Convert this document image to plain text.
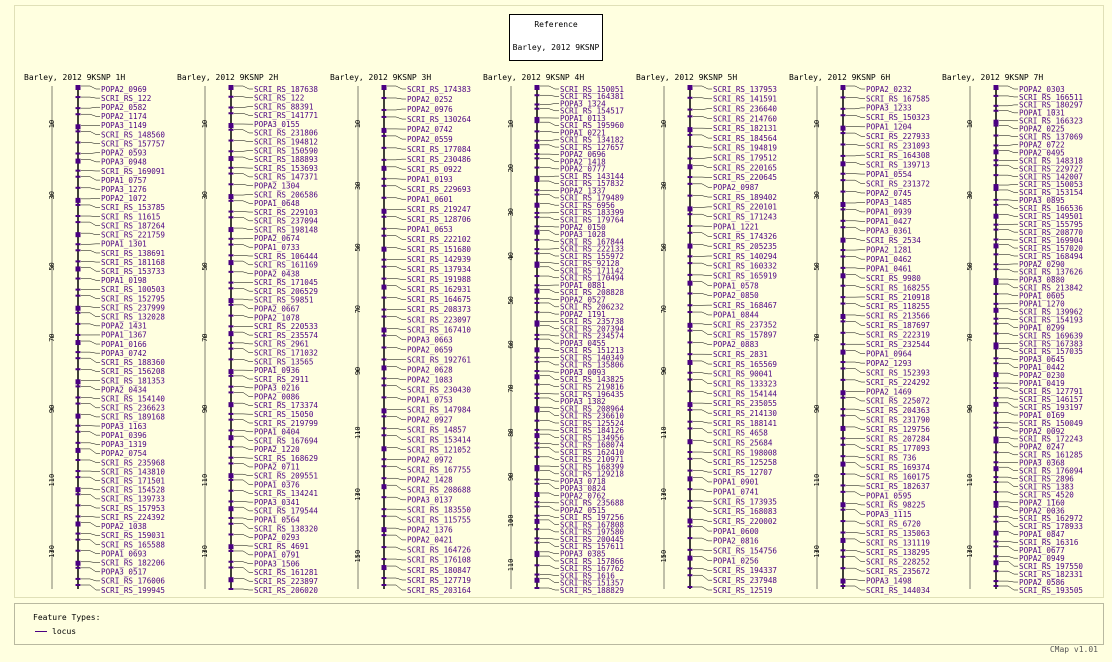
Reference
Barley, 2012 9KSNP
Barley, 2012 9KSNP 1H	Barley, 2012 9KSNP 2H	Barley, 2012 9KSNP 3H	Barley, 2012 9KSNP 4H	Barley, 2012 9KSNP 5H	Barley, 2012 9KSNP 6H	Barley, 2012 9KSNP 7H
10
30
50
70
90
110
130
POPA2_0969
SCRI_RS_122
POPA2_0582
POPA2_1174
POPA3_1149
SCRI_RS_148560
SCRI_RS_157757
POPA2_0593
POPA3_0948
SCRI_RS_169091
POPA1_0757
POPA3_1276
POPA2_1072
SCRI_RS_153785
SCRI_RS_11615
SCRI_RS_187264
SCRI_RS_221759
POPA1_1301
SCRI_RS_138691
SCRI_RS_181168
SCRI_RS_153733
POPA1_0198
SCRI_RS_100503
SCRI_RS_152795
SCRI_RS_237999
SCRI_RS_132028
POPA2_1431
POPA1_1367
POPA1_0166
POPA3_0742
SCRI_RS_188360
SCRI_RS_156208
SCRI_RS_181353
POPA2_0434
SCRI_RS_154140
SCRI_RS_236623
SCRI_RS_189168
POPA3_1163
POPA1_0396
POPA3_1319
POPA2_0754
SCRI_RS_235968
SCRI_RS_143810
SCRI_RS_171501
SCRI_RS_154528
SCRI_RS_139733
SCRI_RS_157953
SCRI_RS_224392
POPA2_1038
SCRI_RS_159031
SCRI_RS_165588
POPA1_0693
SCRI_RS_182206
POPA3_0517
SCRI_RS_176006
SCRI_RS_199945
10
30
50
70
90
110
130
SCRI_RS_187638
SCRI_RS_122
SCRI_RS_88391
SCRI_RS_141771
POPA3_0155
SCRI_RS_231806
SCRI_RS_194812
SCRI_RS_150590
SCRI_RS_188893
SCRI_RS_153693
SCRI_RS_147371
POPA2_1304
SCRI_RS_206586
POPA1_0648
SCRI_RS_229103
SCRI_RS_237094
SCRI_RS_198148
POPA2_0674
POPA1_0733
SCRI_RS_106444
SCRI_RS_161169
POPA2_0438
SCRI_RS_171045
SCRI_RS_206529
SCRI_RS_59851
POPA2_0667
POPA2_1078
SCRI_RS_220533
SCRI_RS_235574
SCRI_RS_2961
SCRI_RS_171032
SCRI_RS_13565
POPA1_0936
SCRI_RS_2911
POPA3_0216
POPA2_0086
SCRI_RS_173374
SCRI_RS_15050
SCRI_RS_219799
POPA1_0404
SCRI_RS_167694
POPA2_1220
SCRI_RS_168629
POPA2_0711
SCRI_RS_209551
POPA1_0376
SCRI_RS_134241
POPA3_0341
SCRI_RS_179544
POPA1_0564
SCRI_RS_138320
POPA2_0293
SCRI_RS_4691
POPA1_0791
POPA3_1506
SCRI_RS_161281
SCRI_RS_223897
SCRI_RS_206020
10
30
50
70
90
110
130
150
SCRI_RS_174383
POPA2_0252
POPA2_0976
SCRI_RS_130264
POPA2_0742
POPA2_0559
SCRI_RS_177084
SCRI_RS_230486
SCRI_RS_0922
POPA1_0193
SCRI_RS_229693
POPA1_0601
SCRI_RS_219247
SCRI_RS_128706
POPA1_0653
SCRI_RS_222102
SCRI_RS_151680
SCRI_RS_142939
SCRI_RS_137934
SCRI_RS_191988
SCRI_RS_162931
SCRI_RS_164675
SCRI_RS_208373
SCRI_RS_223097
SCRI_RS_167410
POPA3_0663
POPA2_0659
SCRI_RS_192761
POPA2_0628
POPA2_1083
SCRI_RS_230430
POPA1_0753
SCRI_RS_147984
POPA2_0927
SCRI_RS_14857
SCRI_RS_153414
SCRI_RS_121052
POPA2_0972
SCRI_RS_167755
POPA2_1428
SCRI_RS_208688
POPA3_0137
SCRI_RS_183550
SCRI_RS_115755
POPA2_1376
POPA2_0421
SCRI_RS_164726
SCRI_RS_176108
SCRI_RS_180847
SCRI_RS_127719
SCRI_RS_203164
10
20
30
40
50
60
70
80
90
100
110
SCRI_RS_150051
SCRI_RS_164381
POPA3_1324
SCRI_RS_154517
POPA1_0113
SCRI_RS_195960
POPA1_0221
SCRI_RS_134182
SCRI_RS_127657
POPA2_0696
POPA2_1418
POPA2_0777
SCRI_RS_143144
SCRI_RS_157832
POPA2_1337
SCRI_RS_179489
SCRI_RS_6956
SCRI_RS_183399
SCRI_RS_179764
POPA2_0150
POPA3_1028
SCRI_RS_167844
SCRI_RS_222133
SCRI_RS_155972
SCRI_RS_92128
SCRI_RS_171142
SCRI_RS_170494
POPA1_0881
SCRI_RS_208828
POPA2_0527
SCRI_RS_206232
POPA2_1191
SCRI_RS_235738
SCRI_RS_207394
SCRI_RS_234574
POPA3_0455
SCRI_RS_151213
SCRI_RS_140349
SCRI_RS_135806
POPA3_0093
SCRI_RS_143825
SCRI_RS_219816
SCRI_RS_196435
POPA3_1382
SCRI_RS_208964
SCRI_RS_236610
SCRI_RS_125524
SCRI_RS_184126
SCRI_RS_134956
SCRI_RS_168074
SCRI_RS_162410
SCRI_RS_210971
SCRI_RS_168399
SCRI_RS_129218
POPA3_0718
POPA3_0824
POPA2_0762
SCRI_RS_235688
POPA2_0515
SCRI_RS_197256
SCRI_RS_167808
SCRI_RS_197580
SCRI_RS_200445
SCRI_RS_157611
POPA3_0385
SCRI_RS_157866
SCRI_RS_167762
SCRI_RS_1616
SCRI_RS_151357
SCRI_RS_188829
10
30
50
70
90
110
130
150
SCRI_RS_137953
SCRI_RS_141591
SCRI_RS_236640
SCRI_RS_214760
SCRI_RS_182131
SCRI_RS_184564
SCRI_RS_194819
SCRI_RS_179512
SCRI_RS_220165
SCRI_RS_220645
POPA2_0987
SCRI_RS_189402
SCRI_RS_220101
SCRI_RS_171243
POPA1_1221
SCRI_RS_174326
SCRI_RS_205235
SCRI_RS_140294
SCRI_RS_160332
SCRI_RS_165919
POPA1_0578
POPA2_0850
SCRI_RS_168467
POPA1_0844
SCRI_RS_237352
SCRI_RS_157897
POPA2_0883
SCRI_RS_2831
SCRI_RS_165569
SCRI_RS_90041
SCRI_RS_133323
SCRI_RS_154144
SCRI_RS_235055
SCRI_RS_214130
SCRI_RS_188141
SCRI_RS_4658
SCRI_RS_25684
SCRI_RS_198008
SCRI_RS_125258
SCRI_RS_12707
POPA1_0901
POPA1_0741
SCRI_RS_173935
SCRI_RS_168083
SCRI_RS_220002
POPA1_0600
POPA2_0816
SCRI_RS_154756
POPA1_0256
SCRI_RS_194337
SCRI_RS_237948
SCRI_RS_12519
10
30
50
70
90
110
130
POPA2_0232
SCRI_RS_167585
POPA3_1233
SCRI_RS_150323
POPA1_1204
SCRI_RS_227933
SCRI_RS_231093
SCRI_RS_164308
SCRI_RS_139713
POPA1_0554
SCRI_RS_231372
POPA2_0745
POPA3_1485
POPA1_0939
POPA1_0427
POPA3_0361
SCRI_RS_2534
POPA2_1281
POPA1_0462
POPA1_0461
SCRI_RS_9980
SCRI_RS_168255
SCRI_RS_210918
SCRI_RS_118255
SCRI_RS_213566
SCRI_RS_187697
SCRI_RS_222319
SCRI_RS_232544
POPA1_0964
POPA2_1293
SCRI_RS_152393
SCRI_RS_224292
POPA2_1469
SCRI_RS_225072
SCRI_RS_204363
SCRI_RS_231790
SCRI_RS_129756
SCRI_RS_207284
SCRI_RS_177093
SCRI_RS_736
SCRI_RS_169374
SCRI_RS_160175
SCRI_RS_182637
POPA1_0595
SCRI_RS_98225
POPA3_1115
SCRI_RS_6720
SCRI_RS_135063
SCRI_RS_131119
SCRI_RS_138295
SCRI_RS_228252
SCRI_RS_235672
POPA3_1498
SCRI_RS_144034
10
30
50
70
90
110
130
POPA2_0303
SCRI_RS_166511
SCRI_RS_180297
POPA1_1031
SCRI_RS_166323
POPA2_0225
SCRI_RS_137069
POPA2_0722
POPA2_0495
SCRI_RS_148318
SCRI_RS_229727
SCRI_RS_142007
SCRI_RS_150053
SCRI_RS_153154
POPA3_0895
SCRI_RS_166536
SCRI_RS_149501
SCRI_RS_155795
SCRI_RS_208770
SCRI_RS_169904
SCRI_RS_157020
SCRI_RS_168494
POPA2_0290
SCRI_RS_137626
POPA3_0880
SCRI_RS_213842
POPA1_0605
POPA1_1270
SCRI_RS_139962
SCRI_RS_154193
POPA1_0299
SCRI_RS_169639
SCRI_RS_167383
SCRI_RS_157035
POPA3_0645
POPA1_0442
POPA2_0230
POPA1_0419
SCRI_RS_127791
SCRI_RS_146157
SCRI_RS_193197
POPA1_0169
SCRI_RS_150049
POPA2_0092
SCRI_RS_172243
POPA2_0247
SCRI_RS_161285
POPA3_0368
SCRI_RS_176094
SCRI_RS_2896
SCRI_RS_1383
SCRI_RS_4520
POPA2_1160
POPA2_0036
SCRI_RS_162972
SCRI_RS_178933
POPA1_0847
SCRI_RS_16316
POPA1_0677
POPA2_0949
SCRI_RS_197550
SCRI_RS_182331
POPA2_0586
SCRI_RS_193505
Feature Types:
locus
CMap v1.01
